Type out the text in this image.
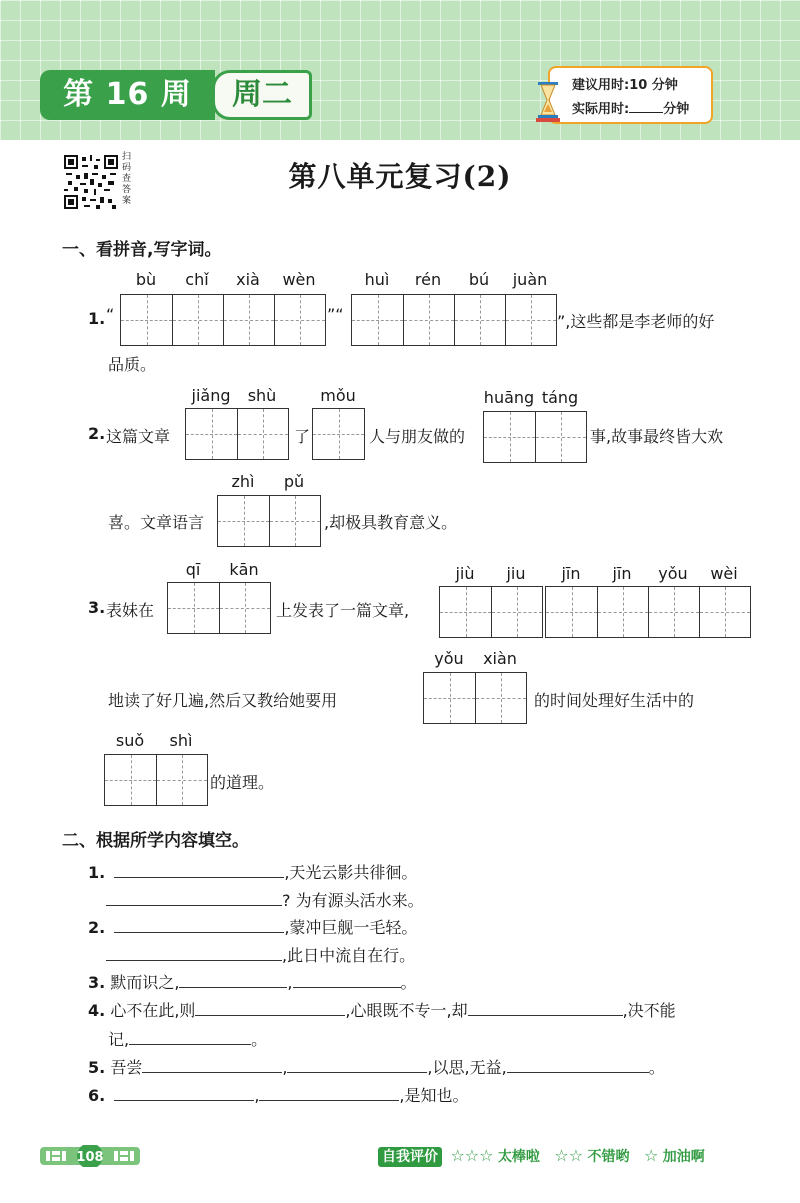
第 16 周	周二	建议用时:10 分钟
实际用时:	分钟
扫码查答案
第八单元复习(2)
一、看拼音,写字词。
bù	chǐ	xià	wèn	huì	rén	bú	juàn
1. “	”“	”,这些都是李老师的好
品质。
jiǎng	shù	mǒu	huāng táng
2. 这篇文章	了	人与朋友做的	事,故事最终皆大欢
zhì	pǔ
喜。文章语言	,却极具教育意义。
qī	kān	jiù	jiu	jīn	jīn	yǒu	wèi
3. 表妹在	上发表了一篇文章,
yǒu	xiàn
地读了好几遍,然后又教给她要用	的时间处理好生活中的
suǒ	shì
的道理。
二、根据所学内容填空。
1.	,天光云影共徘徊。
? 为有源头活水来。
2.	,蒙冲巨舰一毛轻。
,此日中流自在行。
3. 默而识之,	,	。
4. 心不在此,则	,心眼既不专一,却	,决不能
记,	。
5. 吾尝	,	,以思,无益,	。
6.	,	,是知也。
108	自我评价 ☆☆☆ 太棒啦 ☆☆ 不错哟 ☆ 加油啊
